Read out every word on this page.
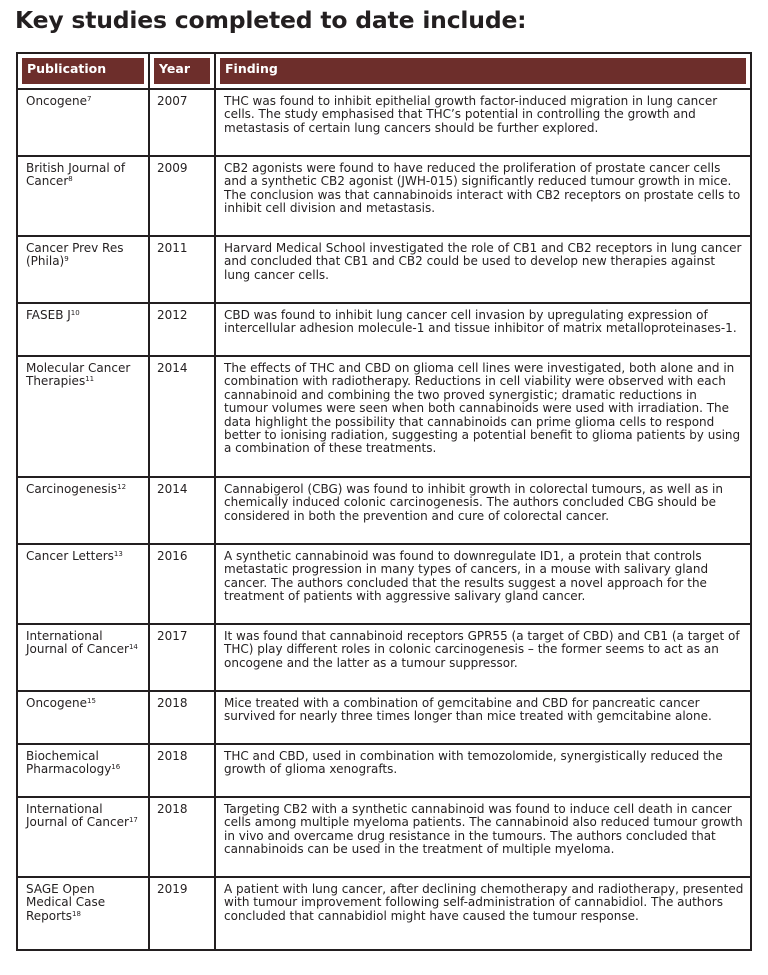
Key studies completed to date include:
Publication	Year	Finding
Oncogene$^7$	2007	THC was found to inhibit epithelial growth factor-induced migration in lung cancer cells. The study emphasised that THC’s potential in controlling the growth and metastasis of certain lung cancers should be further explored.
British Journal of Cancer$^8$	2009	CB2 agonists were found to have reduced the proliferation of prostate cancer cells and a synthetic CB2 agonist (JWH-015) significantly reduced tumour growth in mice. The conclusion was that cannabinoids interact with CB2 receptors on prostate cells to inhibit cell division and metastasis.
Cancer Prev Res (Phila)$^9$	2011	Harvard Medical School investigated the role of CB1 and CB2 receptors in lung cancer and concluded that CB1 and CB2 could be used to develop new therapies against lung cancer cells.
FASEB $J^{10}$	2012	CBD was found to inhibit lung cancer cell invasion by upregulating expression of intercellular adhesion molecule-1 and tissue inhibitor of matrix metalloproteinases-1.
Molecular Cancer Therapies$^{11}$	2014	The effects of THC and CBD on glioma cell lines were investigated, both alone and in combination with radiotherapy. Reductions in cell viability were observed with each cannabinoid and combining the two proved synergistic; dramatic reductions in tumour volumes were seen when both cannabinoids were used with irradiation. The data highlight the possibility that cannabinoids can prime glioma cells to respond better to ionising radiation, suggesting a potential benefit to glioma patients by using a combination of these treatments.
Carcinogenesis$^{12}$	2014	Cannabigerol (CBG) was found to inhibit growth in colorectal tumours, as well as in chemically induced colonic carcinogenesis. The authors concluded CBG should be considered in both the prevention and cure of colorectal cancer.
Cancer Letters$^{13}$	2016	A synthetic cannabinoid was found to downregulate ID1, a protein that controls metastatic progression in many types of cancers, in a mouse with salivary gland cancer. The authors concluded that the results suggest a novel approach for the treatment of patients with aggressive salivary gland cancer.
International Journal of Cancer$^{14}$	2017	It was found that cannabinoid receptors GPR55 (a target of CBD) and CB1 (a target of THC) play different roles in colonic carcinogenesis – the former seems to act as an oncogene and the latter as a tumour suppressor.
Oncogene$^{15}$	2018	Mice treated with a combination of gemcitabine and CBD for pancreatic cancer survived for nearly three times longer than mice treated with gemcitabine alone.
Biochemical Pharmacology$^{16}$	2018	THC and CBD, used in combination with temozolomide, synergistically reduced the growth of glioma xenografts.
International Journal of Cancer$^{17}$	2018	Targeting CB2 with a synthetic cannabinoid was found to induce cell death in cancer cells among multiple myeloma patients. The cannabinoid also reduced tumour growth in vivo and overcame drug resistance in the tumours. The authors concluded that cannabinoids can be used in the treatment of multiple myeloma.
SAGE Open Medical Case Reports$^{18}$	2019	A patient with lung cancer, after declining chemotherapy and radiotherapy, presented with tumour improvement following self-administration of cannabidiol. The authors concluded that cannabidiol might have caused the tumour response.
